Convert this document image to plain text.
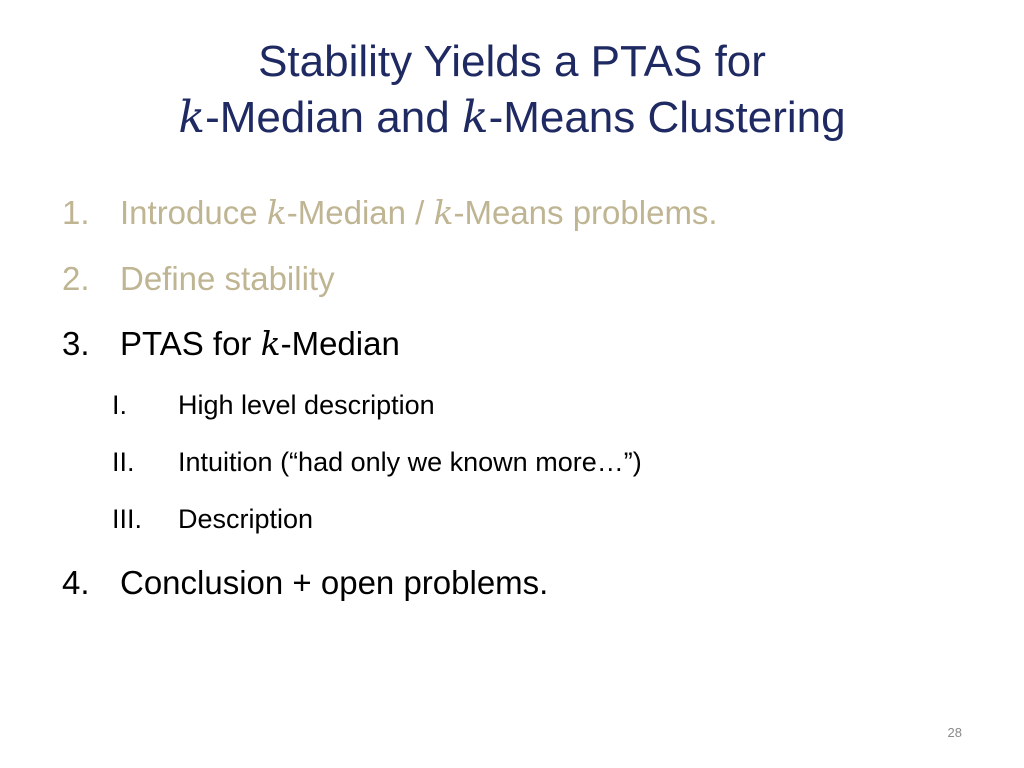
Stability Yields a PTAS for
k-Median and k-Means Clustering
1. Introduce k-Median / k-Means problems.
2. Define stability
3. PTAS for k-Median
I. High level description
II. Intuition (“had only we known more…”)
III. Description
4. Conclusion + open problems.
28
